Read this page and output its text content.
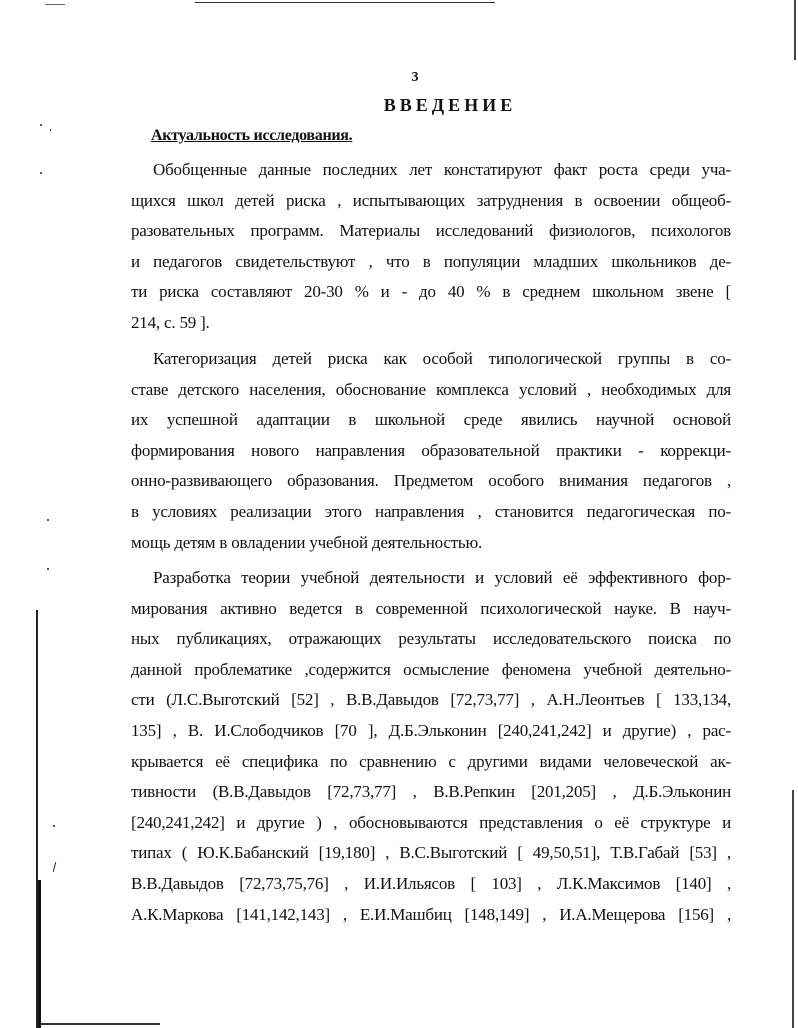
3
ВВЕДЕНИЕ
Актуальность исследования.
Обобщенные данные последних лет констатируют факт роста среди уча-
щихся школ детей риска , испытывающих затруднения в освоении общеоб-
разовательных программ. Материалы исследований физиологов, психологов
и педагогов свидетельствуют , что в популяции младших школьников де-
ти риска составляют 20-30 % и - до 40 % в среднем школьном звене [
214, с. 59 ].
Категоризация детей риска как особой типологической группы в со-
ставе детского населения, обоснование комплекса условий , необходимых для
их успешной адаптации в школьной среде явились научной основой
формирования нового направления образовательной практики - коррекци-
онно-развивающего образования. Предметом особого внимания педагогов ,
в условиях реализации этого направления , становится педагогическая по-
мощь детям в овладении учебной деятельностью.
Разработка теории учебной деятельности и условий её эффективного фор-
мирования активно ведется в современной психологической науке. В науч-
ных публикациях, отражающих результаты исследовательского поиска по
данной проблематике ,содержится осмысление феномена учебной деятельно-
сти (Л.С.Выготский [52] , В.В.Давыдов [72,73,77] , А.Н.Леонтьев [ 133,134,
135] , В. И.Слободчиков [70 ], Д.Б.Эльконин [240,241,242] и другие) , рас-
крывается её специфика по сравнению с другими видами человеческой ак-
тивности (В.В.Давыдов [72,73,77] , В.В.Репкин [201,205] , Д.Б.Эльконин
[240,241,242] и другие ) , обосновываются представления о её структуре и
типах ( Ю.К.Бабанский [19,180] , В.С.Выготский [ 49,50,51], Т.В.Габай [53] ,
В.В.Давыдов [72,73,75,76] , И.И.Ильясов [ 103] , Л.К.Максимов [140] ,
А.К.Маркова [141,142,143] , Е.И.Машбиц [148,149] , И.А.Мещерова [156] ,
